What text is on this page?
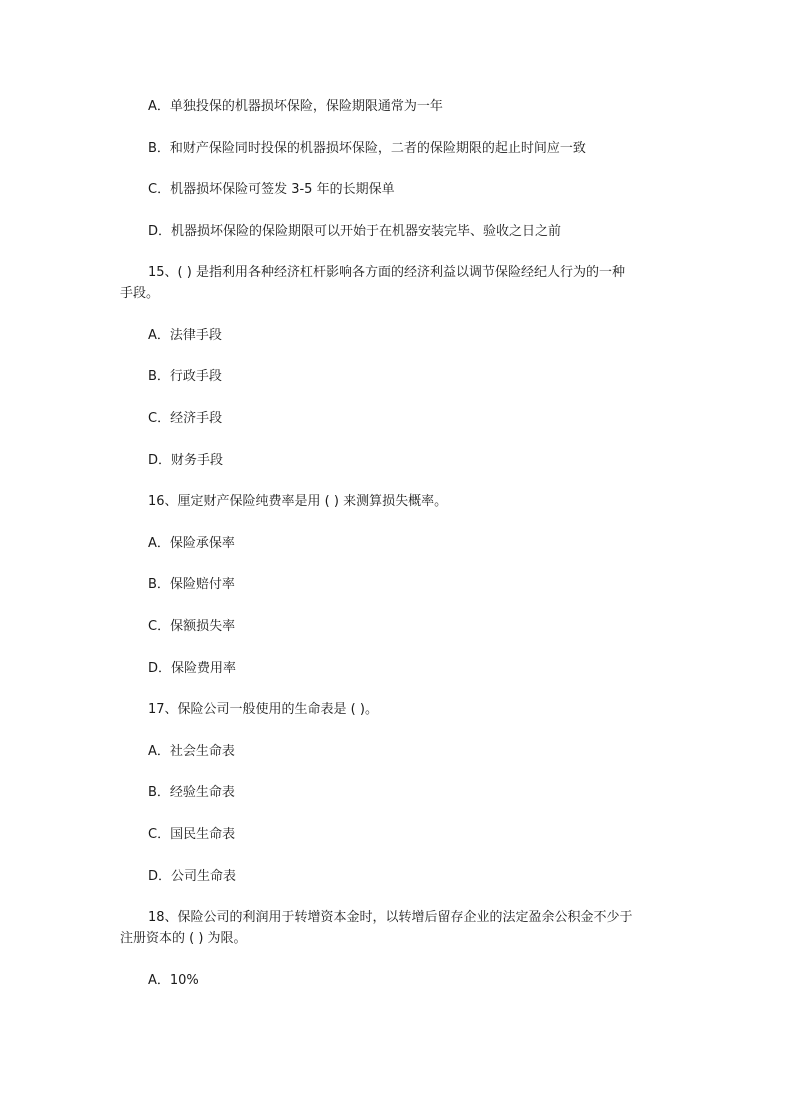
A．单独投保的机器损坏保险，保险期限通常为一年
B．和财产保险同时投保的机器损坏保险，二者的保险期限的起止时间应一致
C．机器损坏保险可签发 3-5 年的长期保单
D．机器损坏保险的保险期限可以开始于在机器安装完毕、验收之日之前
15、( ) 是指利用各种经济杠杆影响各方面的经济利益以调节保险经纪人行为的一种
手段。
A．法律手段
B．行政手段
C．经济手段
D．财务手段
16、厘定财产保险纯费率是用 ( ) 来测算损失概率。
A．保险承保率
B．保险赔付率
C．保额损失率
D．保险费用率
17、保险公司一般使用的生命表是 ( )。
A．社会生命表
B．经验生命表
C．国民生命表
D．公司生命表
18、保险公司的利润用于转增资本金时，以转增后留存企业的法定盈余公积金不少于
注册资本的 ( ) 为限。
A．10%
